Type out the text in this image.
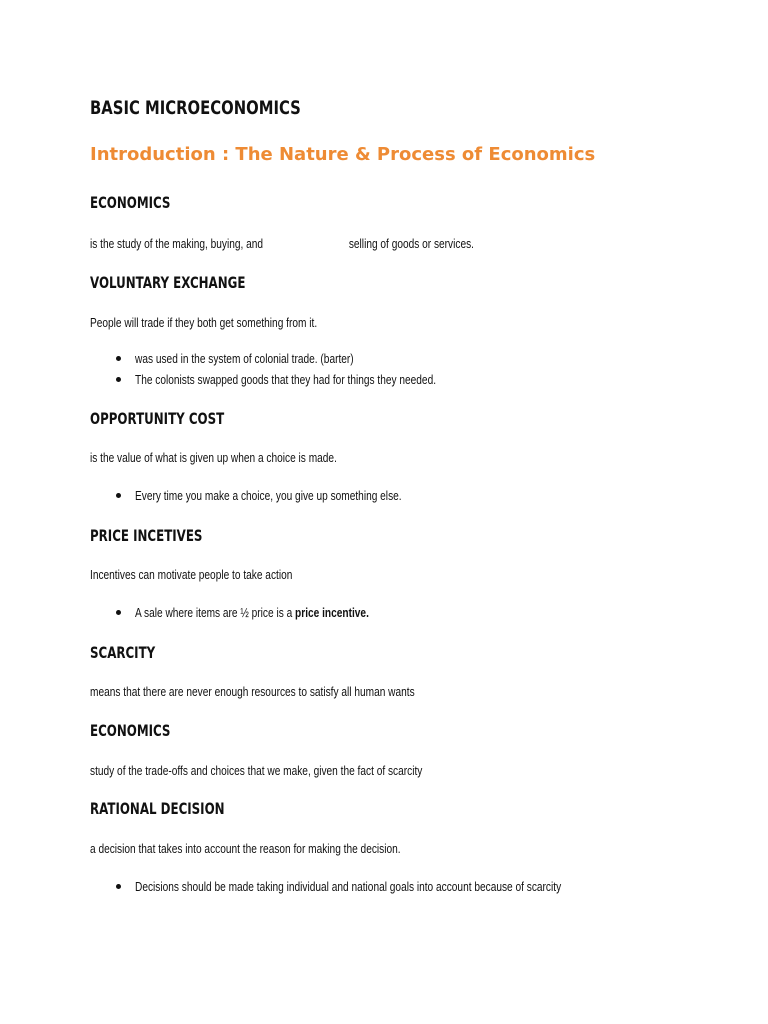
BASIC MICROECONOMICS
Introduction : The Nature & Process of Economics
ECONOMICS
is the study of the making, buying, and	selling of goods or services.
VOLUNTARY EXCHANGE
People will trade if they both get something from it.
was used in the system of colonial trade. (barter)
The colonists swapped goods that they had for things they needed.
OPPORTUNITY COST
is the value of what is given up when a choice is made.
Every time you make a choice, you give up something else.
PRICE INCETIVES
Incentives can motivate people to take action
A sale where items are ½ price is a price incentive.
SCARCITY
means that there are never enough resources to satisfy all human wants
ECONOMICS
study of the trade-offs and choices that we make, given the fact of scarcity
RATIONAL DECISION
a decision that takes into account the reason for making the decision.
Decisions should be made taking individual and national goals into account because of scarcity
